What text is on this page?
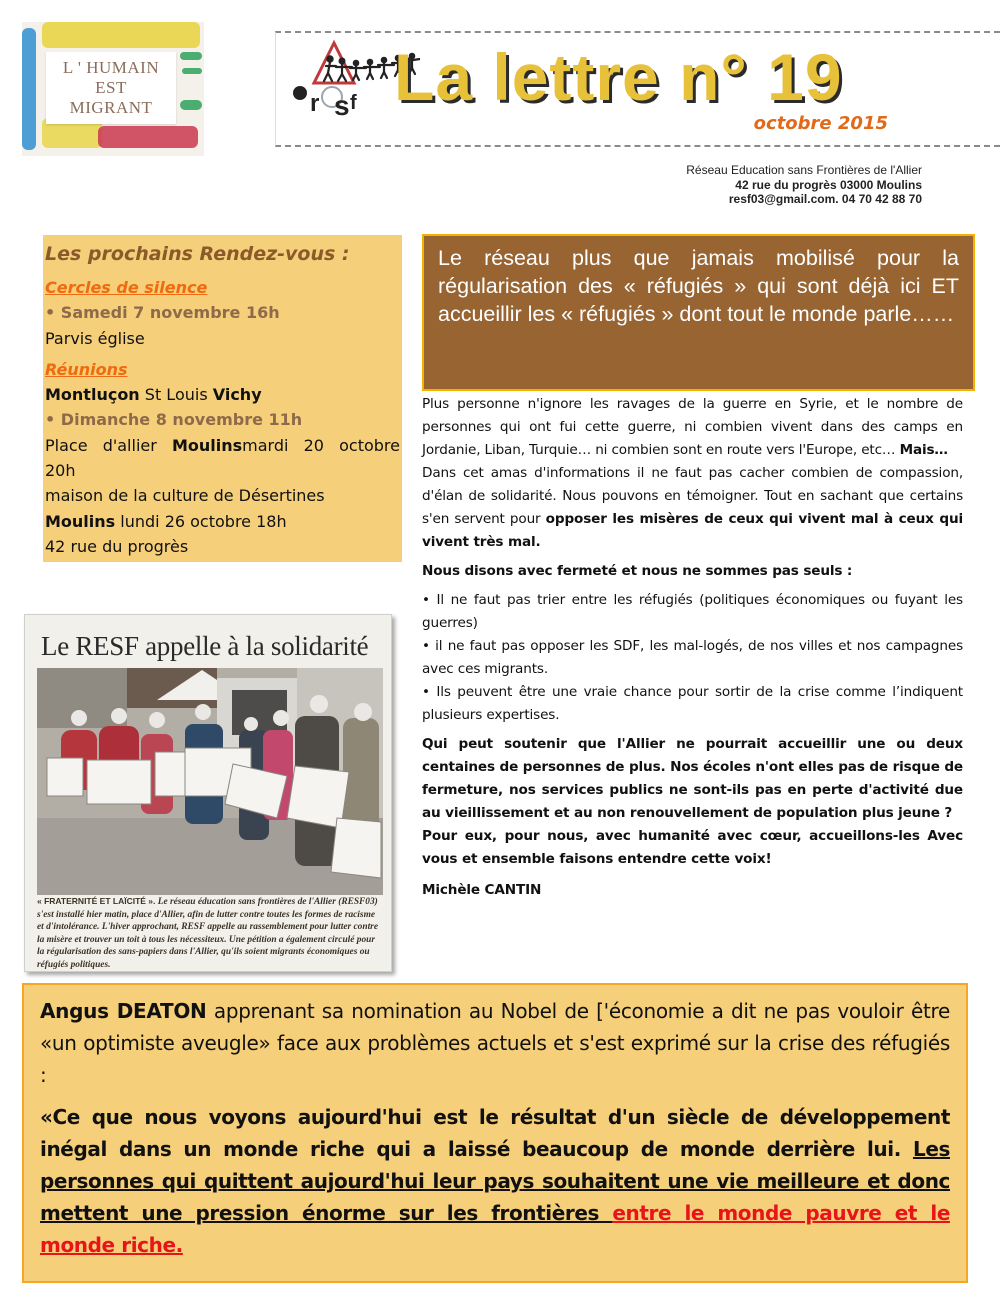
L ' HUMAIN
EST
MIGRANT	r s f La lettre n° 19
octobre 2015
Réseau Education sans Frontières de l'Allier
42 rue du progrès 03000 Moulins
resf03@gmail.com. 04 70 42 88 70
Les prochains Rendez-vous :
Cercles de silence
• Samedi 7 novembre 16h
Parvis église
Réunions
Montluçon St Louis Vichy
• Dimanche 8 novembre 11h
Place  d'allier  Moulinsmardi  20  octobre
20h
maison de la culture de Désertines
Moulins lundi 26 octobre 18h
42 rue du progrès
Le réseau plus que jamais mobilisé pour la régularisation des « réfugiés » qui sont déjà ici ET accueillir les « réfugiés » dont tout le monde parle……

Plus personne n'ignore les ravages de la guerre en Syrie, et le nombre de personnes qui ont fui cette guerre, ni combien vivent dans des camps en Jordanie, Liban, Turquie… ni combien sont en route vers l'Europe, etc… Mais…

Dans cet amas d'informations il ne faut pas cacher combien de compassion, d'élan de solidarité. Nous pouvons en témoigner. Tout en sachant que certains s'en servent pour opposer les misères de ceux qui vivent mal à ceux qui vivent très mal.

Nous disons avec fermeté et nous ne sommes pas seuls :

• Il ne faut pas trier entre les réfugiés (politiques économiques ou fuyant les guerres)

• il ne faut pas opposer les SDF, les mal-logés, de nos villes et nos campagnes avec ces migrants.

• Ils peuvent être une vraie chance pour sortir de la crise comme l’indiquent plusieurs expertises.

Qui peut soutenir que l'Allier ne pourrait accueillir une ou deux centaines de personnes de plus. Nos écoles n'ont elles pas de risque de fermeture, nos services publics ne sont-ils pas en perte d'activité due au vieillissement et au non renouvellement de population plus jeune ?

Pour eux, pour nous, avec humanité avec cœur, accueillons-les Avec vous et ensemble faisons entendre cette voix!

Michèle CANTIN

Le RESF appelle à la solidarité
« FRATERNITÉ ET LAÏCITÉ ». Le réseau éducation sans frontières de l'Allier (RESF03) s'est installé hier matin, place d'Allier, afin de lutter contre toutes les formes de racisme et d'intolérance. L'hiver approchant, RESF appelle au rassemblement pour lutter contre la misère et trouver un toit à tous les nécessiteux. Une pétition a également circulé pour la régularisation des sans-papiers dans l'Allier, qu'ils soient migrants économiques ou réfugiés politiques.
Angus DEATON apprenant sa nomination au Nobel de ['économie a dit ne pas vouloir être «un optimiste aveugle» face aux problèmes actuels et s'est exprimé sur la crise des réfugiés :
«Ce que nous voyons aujourd'hui est le résultat d'un siècle de développement inégal dans un monde riche qui a laissé beaucoup de monde derrière lui. Les personnes qui quittent aujourd'hui leur pays souhaitent une vie meilleure et donc mettent une pression énorme sur les frontières entre le monde pauvre et le monde riche.
